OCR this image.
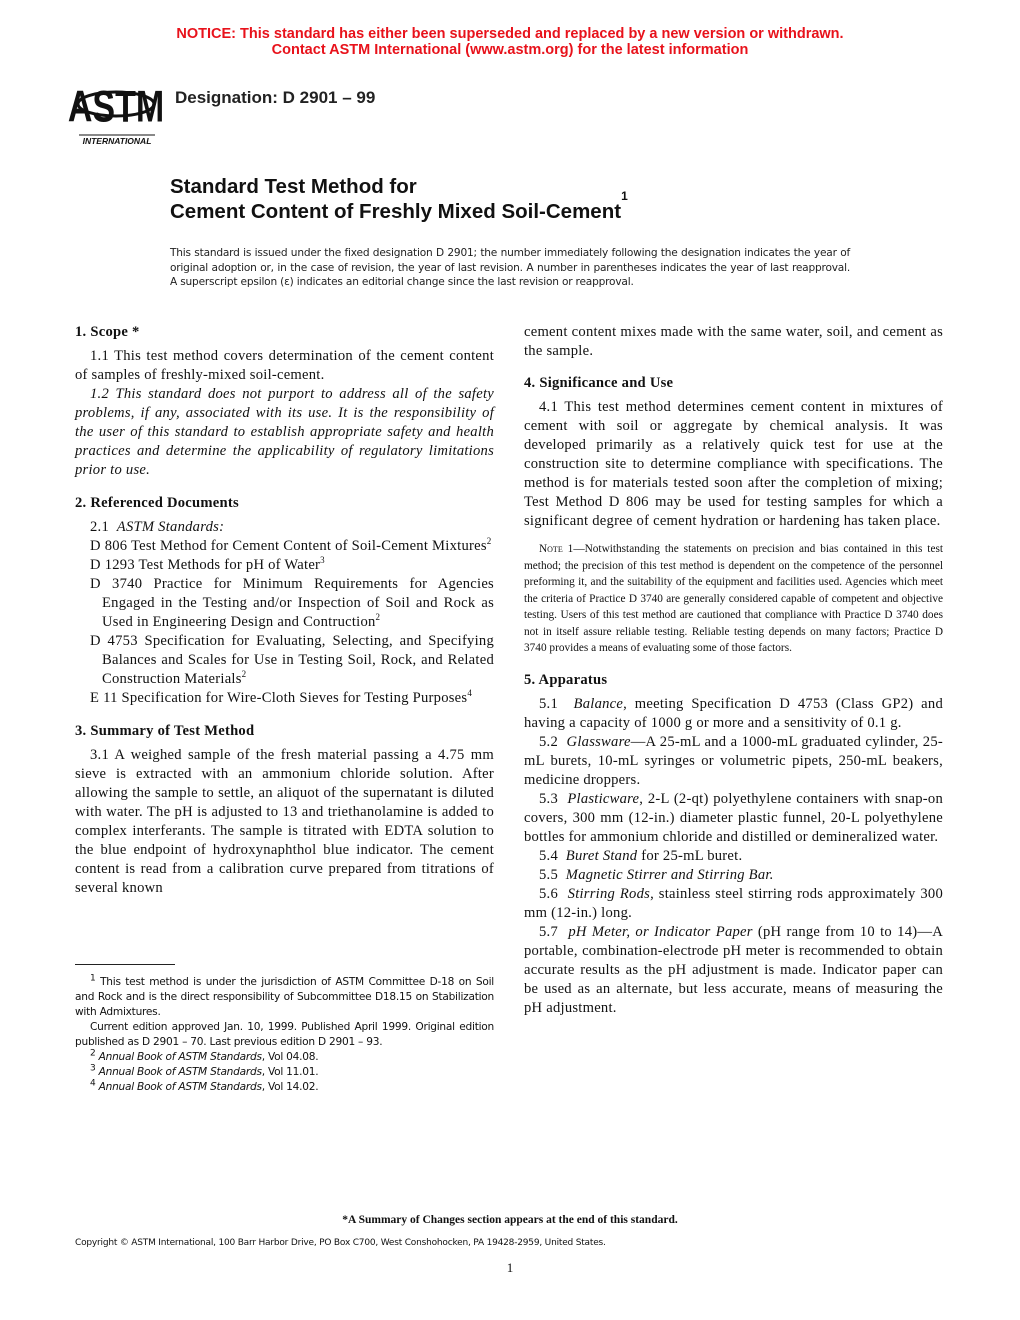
NOTICE: This standard has either been superseded and replaced by a new version or withdrawn.
Contact ASTM International (www.astm.org) for the latest information
ASTM
INTERNATIONAL
Designation: D 2901 – 99
Standard Test Method for
Cement Content of Freshly Mixed Soil-Cement$^1$
This standard is issued under the fixed designation D 2901; the number immediately following the designation indicates the year of original adoption or, in the case of revision, the year of last revision. A number in parentheses indicates the year of last reapproval. A superscript epsilon (ε) indicates an editorial change since the last revision or reapproval.
1. Scope *

1.1 This test method covers determination of the cement content of samples of freshly-mixed soil-cement.

1.2 This standard does not purport to address all of the safety problems, if any, associated with its use. It is the responsibility of the user of this standard to establish appropriate safety and health practices and determine the applicability of regulatory limitations prior to use.

2. Referenced Documents

2.1 ASTM Standards:

D 806 Test Method for Cement Content of Soil-Cement Mixtures$^2$

D 1293 Test Methods for pH of Water$^3$

D 3740 Practice for Minimum Requirements for Agencies Engaged in the Testing and/or Inspection of Soil and Rock as Used in Engineering Design and Contruction$^2$

D 4753 Specification for Evaluating, Selecting, and Specifying Balances and Scales for Use in Testing Soil, Rock, and Related Construction Materials$^2$

E 11 Specification for Wire-Cloth Sieves for Testing Purposes$^4$

3. Summary of Test Method

3.1 A weighed sample of the fresh material passing a 4.75 mm sieve is extracted with an ammonium chloride solution. After allowing the sample to settle, an aliquot of the supernatant is diluted with water. The pH is adjusted to 13 and triethanolamine is added to complex interferants. The sample is titrated with EDTA solution to the blue endpoint of hydroxynaphthol blue indicator. The cement content is read from a calibration curve prepared from titrations of several known

$^1$ This test method is under the jurisdiction of ASTM Committee D-18 on Soil and Rock and is the direct responsibility of Subcommittee D18.15 on Stabilization with Admixtures.

Current edition approved Jan. 10, 1999. Published April 1999. Original edition published as D 2901 – 70. Last previous edition D 2901 – 93.

$^2$ Annual Book of ASTM Standards, Vol 04.08.

$^3$ Annual Book of ASTM Standards, Vol 11.01.

$^4$ Annual Book of ASTM Standards, Vol 14.02.

cement content mixes made with the same water, soil, and cement as the sample.

4. Significance and Use

4.1 This test method determines cement content in mixtures of cement with soil or aggregate by chemical analysis. It was developed primarily as a relatively quick test for use at the construction site to determine compliance with specifications. The method is for materials tested soon after the completion of mixing; Test Method D 806 may be used for testing samples for which a significant degree of cement hydration or hardening has taken place.

Note 1—Notwithstanding the statements on precision and bias contained in this test method; the precision of this test method is dependent on the competence of the personnel preforming it, and the suitability of the equipment and facilities used. Agencies which meet the criteria of Practice D 3740 are generally considered capable of competent and objective testing. Users of this test method are cautioned that compliance with Practice D 3740 does not in itself assure reliable testing. Reliable testing depends on many factors; Practice D 3740 provides a means of evaluating some of those factors.

5. Apparatus

5.1 Balance, meeting Specification D 4753 (Class GP2) and having a capacity of 1000 g or more and a sensitivity of 0.1 g.

5.2 Glassware—A 25-mL and a 1000-mL graduated cylinder, 25-mL burets, 10-mL syringes or volumetric pipets, 250-mL beakers, medicine droppers.

5.3 Plasticware, 2-L (2-qt) polyethylene containers with snap-on covers, 300 mm (12-in.) diameter plastic funnel, 20-L polyethylene bottles for ammonium chloride and distilled or demineralized water.

5.4 Buret Stand for 25-mL buret.

5.5 Magnetic Stirrer and Stirring Bar.

5.6 Stirring Rods, stainless steel stirring rods approximately 300 mm (12-in.) long.

5.7 pH Meter, or Indicator Paper (pH range from 10 to 14)—A portable, combination-electrode pH meter is recommended to obtain accurate results as the pH adjustment is made. Indicator paper can be used as an alternate, but less accurate, means of measuring the pH adjustment.

*A Summary of Changes section appears at the end of this standard.
Copyright © ASTM International, 100 Barr Harbor Drive, PO Box C700, West Conshohocken, PA 19428-2959, United States.
1
